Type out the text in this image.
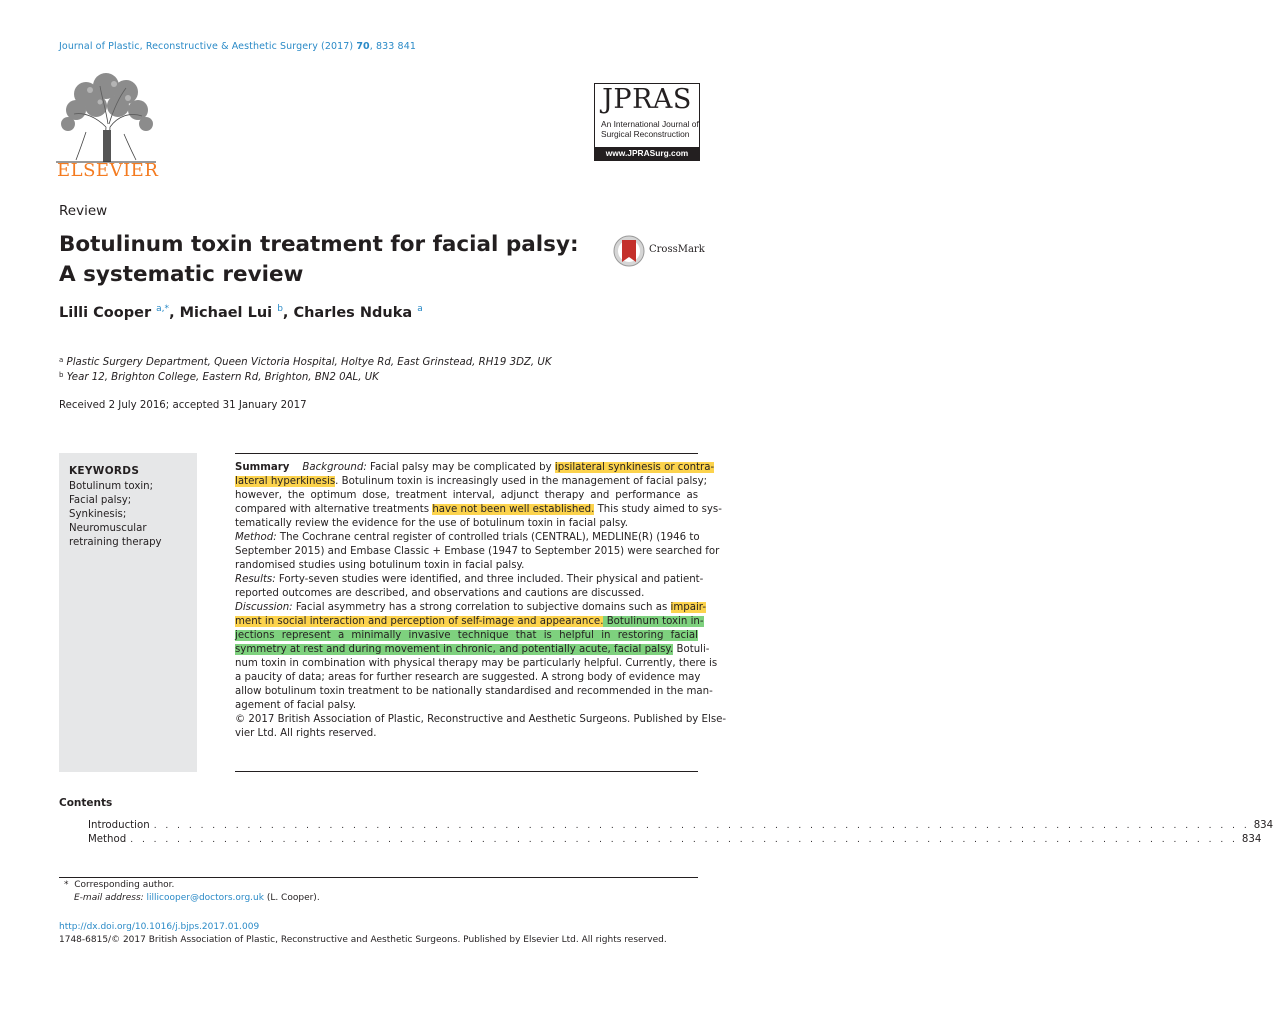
Journal of Plastic, Reconstructive & Aesthetic Surgery (2017) 70, 833 841
ELSEVIER
JPRAS
An International Journal of
Surgical Reconstruction
www.JPRASurg.com
Review
Botulinum toxin treatment for facial palsy:
A systematic review
CrossMark
Lilli Cooper $^{a,*}$, Michael Lui $^b$, Charles Nduka $^a$
$^a$ Plastic Surgery Department, Queen Victoria Hospital, Holtye Rd, East Grinstead, RH19 3DZ, UK
$^b$ Year 12, Brighton College, Eastern Rd, Brighton, BN2 0AL, UK
Received 2 July 2016; accepted 31 January 2017
KEYWORDS
Botulinum toxin;
Facial palsy;
Synkinesis;
Neuromuscular
retraining therapy
Summary Background: Facial palsy may be complicated by ipsilateral synkinesis or contra-
lateral hyperkinesis. Botulinum toxin is increasingly used in the management of facial palsy;
however, the optimum dose, treatment interval, adjunct therapy and performance as
compared with alternative treatments have not been well established. This study aimed to sys-
tematically review the evidence for the use of botulinum toxin in facial palsy.
Method: The Cochrane central register of controlled trials (CENTRAL), MEDLINE(R) (1946 to
September 2015) and Embase Classic + Embase (1947 to September 2015) were searched for
randomised studies using botulinum toxin in facial palsy.
Results: Forty-seven studies were identified, and three included. Their physical and patient-
reported outcomes are described, and observations and cautions are discussed.
Discussion: Facial asymmetry has a strong correlation to subjective domains such as impair-
ment in social interaction and perception of self-image and appearance. Botulinum toxin in-
jections represent a minimally invasive technique that is helpful in restoring facial
symmetry at rest and during movement in chronic, and potentially acute, facial palsy. Botuli-
num toxin in combination with physical therapy may be particularly helpful. Currently, there is
a paucity of data; areas for further research are suggested. A strong body of evidence may
allow botulinum toxin treatment to be nationally standardised and recommended in the man-
agement of facial palsy.
© 2017 British Association of Plastic, Reconstructive and Aesthetic Surgeons. Published by Else-
vier Ltd. All rights reserved.
Contents
Introduction . . . . . . . . . . . . . . . . . . . . . . . . . . . . . . . . . . . . . . . . . . . . . . . . . . . . . . . . . . . . . . . . . . . . . . . . . . . . . . . . . . . . . . . . . . . . . . 834
Method . . . . . . . . . . . . . . . . . . . . . . . . . . . . . . . . . . . . . . . . . . . . . . . . . . . . . . . . . . . . . . . . . . . . . . . . . . . . . . . . . . . . . . . . . . . . . . . 834
* Corresponding author.
E-mail address: lillicooper@doctors.org.uk (L. Cooper).
http://dx.doi.org/10.1016/j.bjps.2017.01.009
1748-6815/© 2017 British Association of Plastic, Reconstructive and Aesthetic Surgeons. Published by Elsevier Ltd. All rights reserved.
